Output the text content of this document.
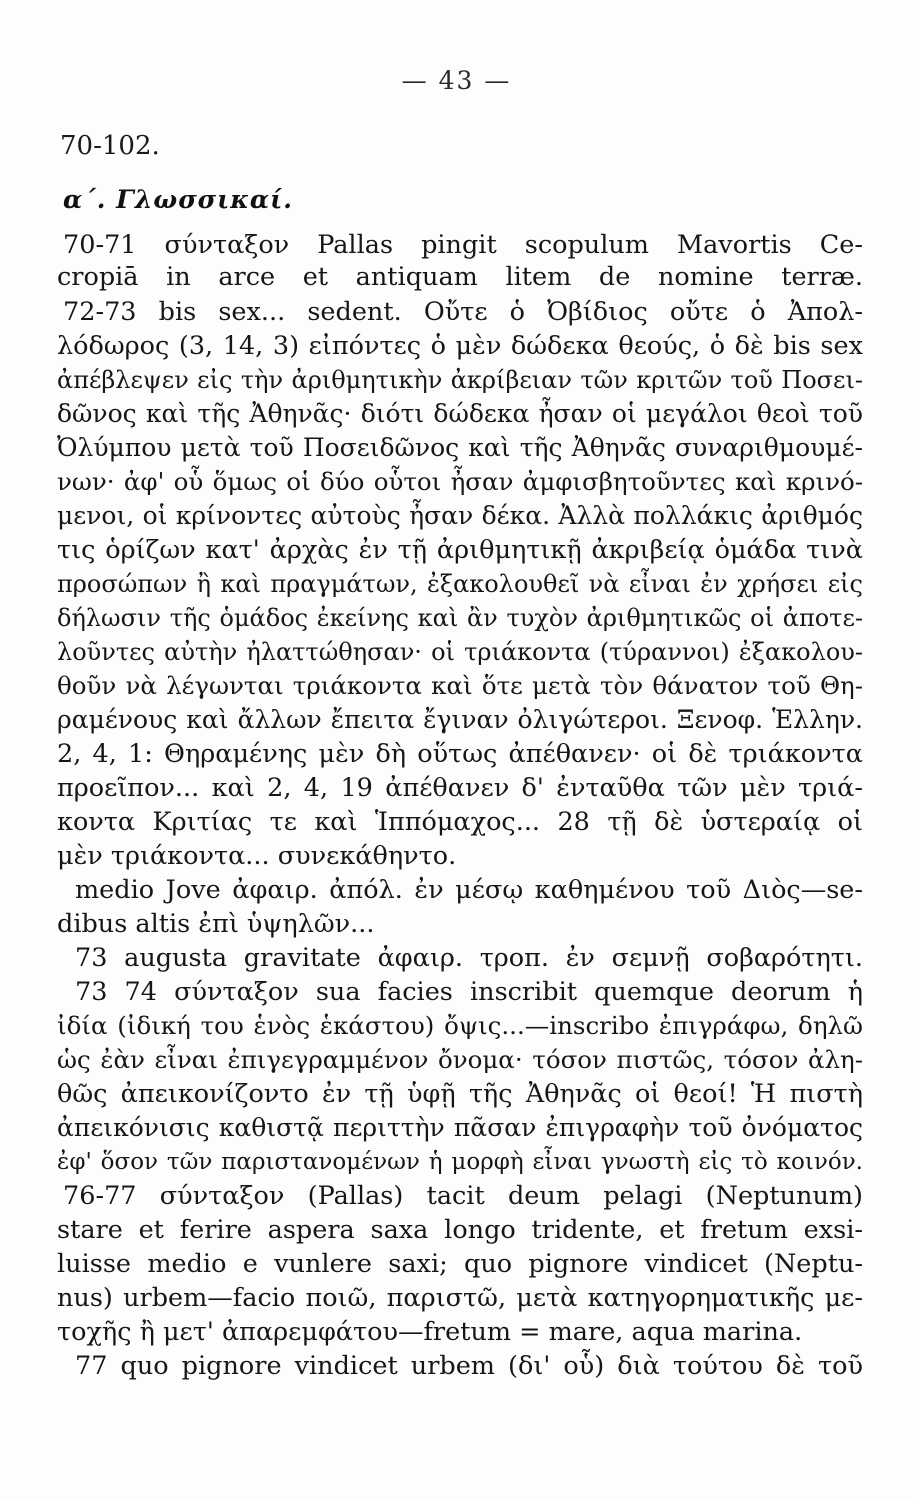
— 43 —
70-102.
α΄. Γλωσσικαί.
70-71 σύνταξον Pallas pingit scopulum Mavortis Ce-
cropiā in arce et antiquam litem de nomine terræ.
72-73 bis sex... sedent. Οὔτε ὁ Ὀβίδιος οὔτε ὁ Ἀπολ-
λόδωρος (3, 14, 3) εἰπόντες ὁ μὲν δώδεκα θεούς, ὁ δὲ bis sex
ἀπέβλεψεν εἰς τὴν ἀριθμητικὴν ἀκρίβειαν τῶν κριτῶν τοῦ Ποσει-
δῶνος καὶ τῆς Ἀθηνᾶς· διότι δώδεκα ἦσαν οἱ μεγάλοι θεοὶ τοῦ
Ὀλύμπου μετὰ τοῦ Ποσειδῶνος καὶ τῆς Ἀθηνᾶς συναριθμουμέ-
νων· ἀφ' οὗ ὅμως οἱ δύο οὗτοι ἦσαν ἀμφισβητοῦντες καὶ κρινό-
μενοι, οἱ κρίνοντες αὐτοὺς ἦσαν δέκα. Ἀλλὰ πολλάκις ἀριθμός
τις ὁρίζων κατ' ἀρχὰς ἐν τῇ ἀριθμητικῇ ἀκριβείᾳ ὁμάδα τινὰ
προσώπων ἢ καὶ πραγμάτων, ἐξακολουθεῖ νὰ εἶναι ἐν χρήσει εἰς
δήλωσιν τῆς ὁμάδος ἐκείνης καὶ ἂν τυχὸν ἀριθμητικῶς οἱ ἀποτε-
λοῦντες αὐτὴν ἠλαττώθησαν· οἱ τριάκοντα (τύραννοι) ἐξακολου-
θοῦν νὰ λέγωνται τριάκοντα καὶ ὅτε μετὰ τὸν θάνατον τοῦ Θη-
ραμένους καὶ ἄλλων ἔπειτα ἔγιναν ὀλιγώτεροι. Ξενοφ. Ἑλλην.
2, 4, 1: Θηραμένης μὲν δὴ οὕτως ἀπέθανεν· οἱ δὲ τριάκοντα
προεῖπον... καὶ 2, 4, 19 ἀπέθανεν δ' ἐνταῦθα τῶν μὲν τριά-
κοντα Κριτίας τε καὶ Ἱππόμαχος... 28 τῇ δὲ ὑστεραίᾳ οἱ
μὲν τριάκοντα... συνεκάθηντο.
medio Jove ἀφαιρ. ἀπόλ. ἐν μέσῳ καθημένου τοῦ Διὸς—se-
dibus altis ἐπὶ ὑψηλῶν...
73 augusta gravitate ἀφαιρ. τροπ. ἐν σεμνῇ σοβαρότητι.
73 74 σύνταξον sua facies inscribit quemque deorum ἡ
ἰδία (ἰδική του ἑνὸς ἑκάστου) ὄψις...—inscribo ἐπιγράφω, δηλῶ
ὡς ἐὰν εἶναι ἐπιγεγραμμένον ὄνομα· τόσον πιστῶς, τόσον ἀλη-
θῶς ἀπεικονίζοντο ἐν τῇ ὑφῇ τῆς Ἀθηνᾶς οἱ θεοί! Ἡ πιστὴ
ἀπεικόνισις καθιστᾷ περιττὴν πᾶσαν ἐπιγραφὴν τοῦ ὀνόματος
ἐφ' ὅσον τῶν παριστανομένων ἡ μορφὴ εἶναι γνωστὴ εἰς τὸ κοινόν.
76-77 σύνταξον (Pallas) tacit deum pelagi (Neptunum)
stare et ferire aspera saxa longo tridente, et fretum exsi-
luisse medio e vunlere saxi; quo pignore vindicet (Neptu-
nus) urbem—facio ποιῶ, παριστῶ, μετὰ κατηγορηματικῆς με-
τοχῆς ἢ μετ' ἀπαρεμφάτου—fretum = mare, aqua marina.
77 quo pignore vindicet urbem (δι' οὗ) διὰ τούτου δὲ τοῦ
